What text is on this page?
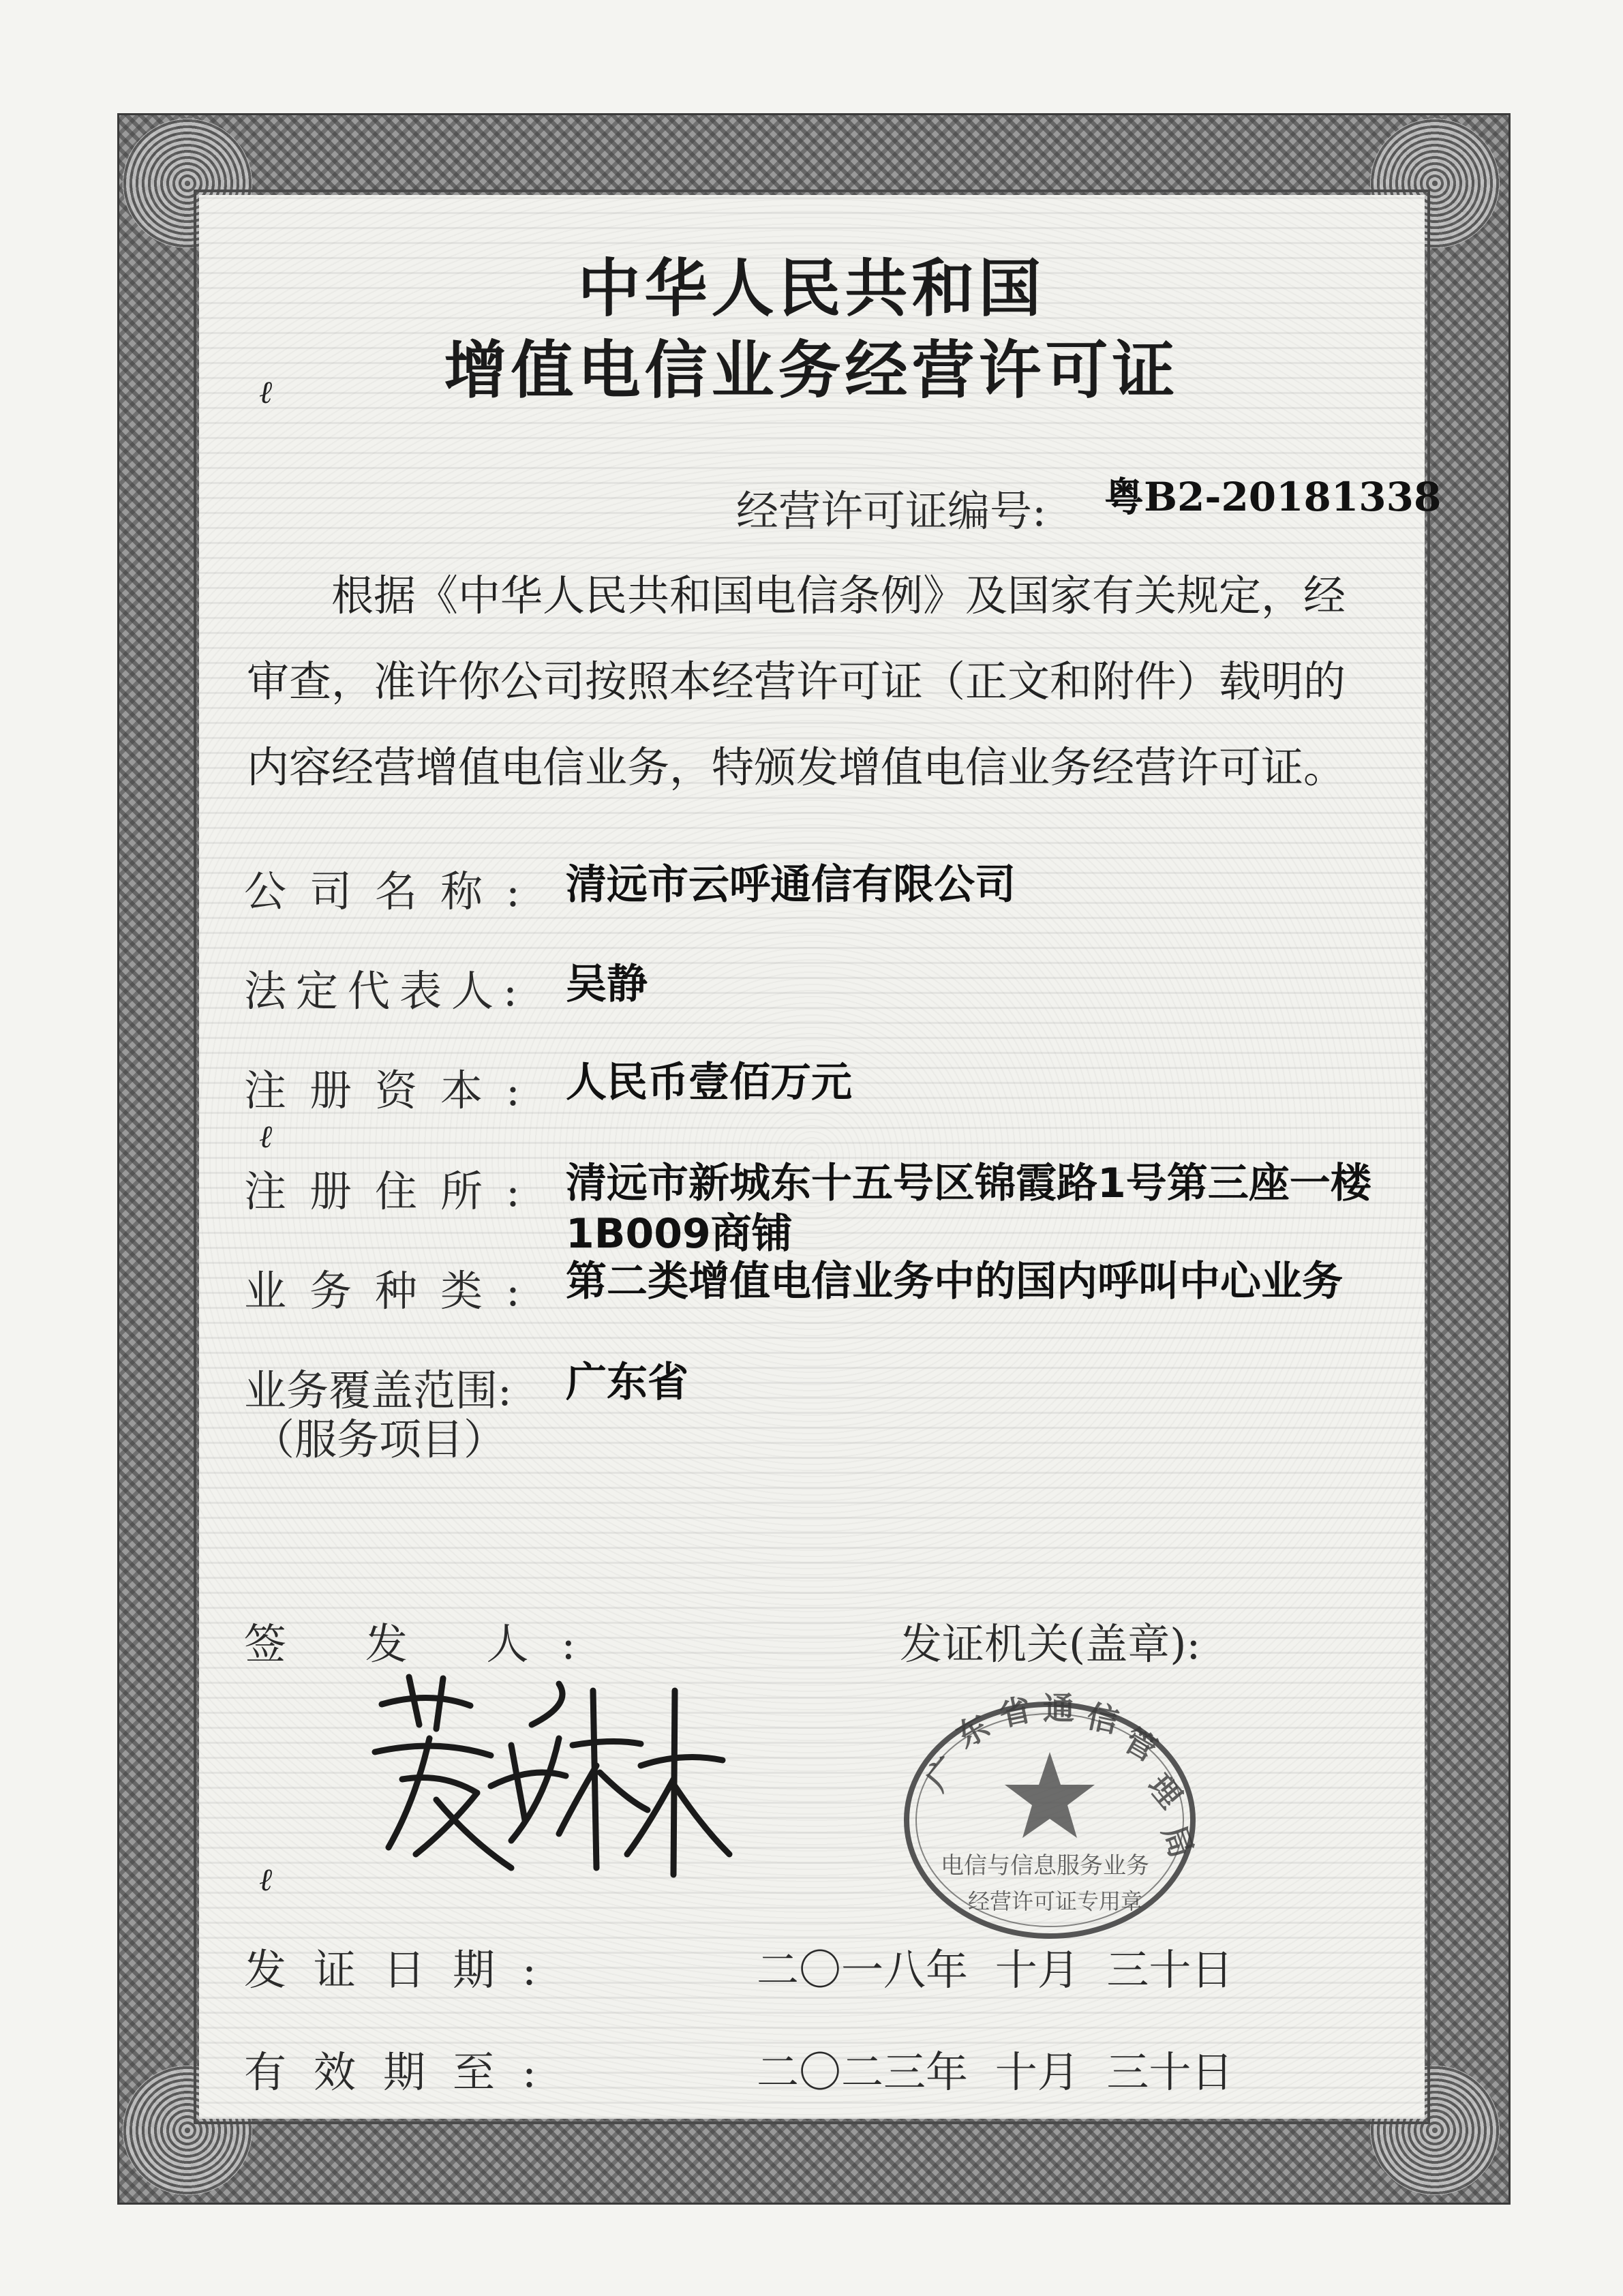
中华人民共和国
增值电信业务经营许可证
ℓ
ℓ
ℓ
经营许可证编号: 粤B2-20181338
根据《中华人民共和国电信条例》及国家有关规定，经
审查，准许你公司按照本经营许可证（正文和附件）载明的
内容经营增值电信业务，特颁发增值电信业务经营许可证。
公司名称: 清远市云呼通信有限公司
法定代表人: 吴静
注册资本: 人民币壹佰万元
注册住所: 清远市新城东十五号区锦霞路1号第三座一楼
1B009商铺
业务种类: 第二类增值电信业务中的国内呼叫中心业务
业务覆盖范围:
（服务项目）
广东省
签 发 人:	发证机关(盖章):
广
东 省 通 信
管
理
局
电信与信息服务业务
经营许可证专用章
发证日期:	二〇一八年 十月 三十日
有效期至:	二〇二三年 十月 三十日
